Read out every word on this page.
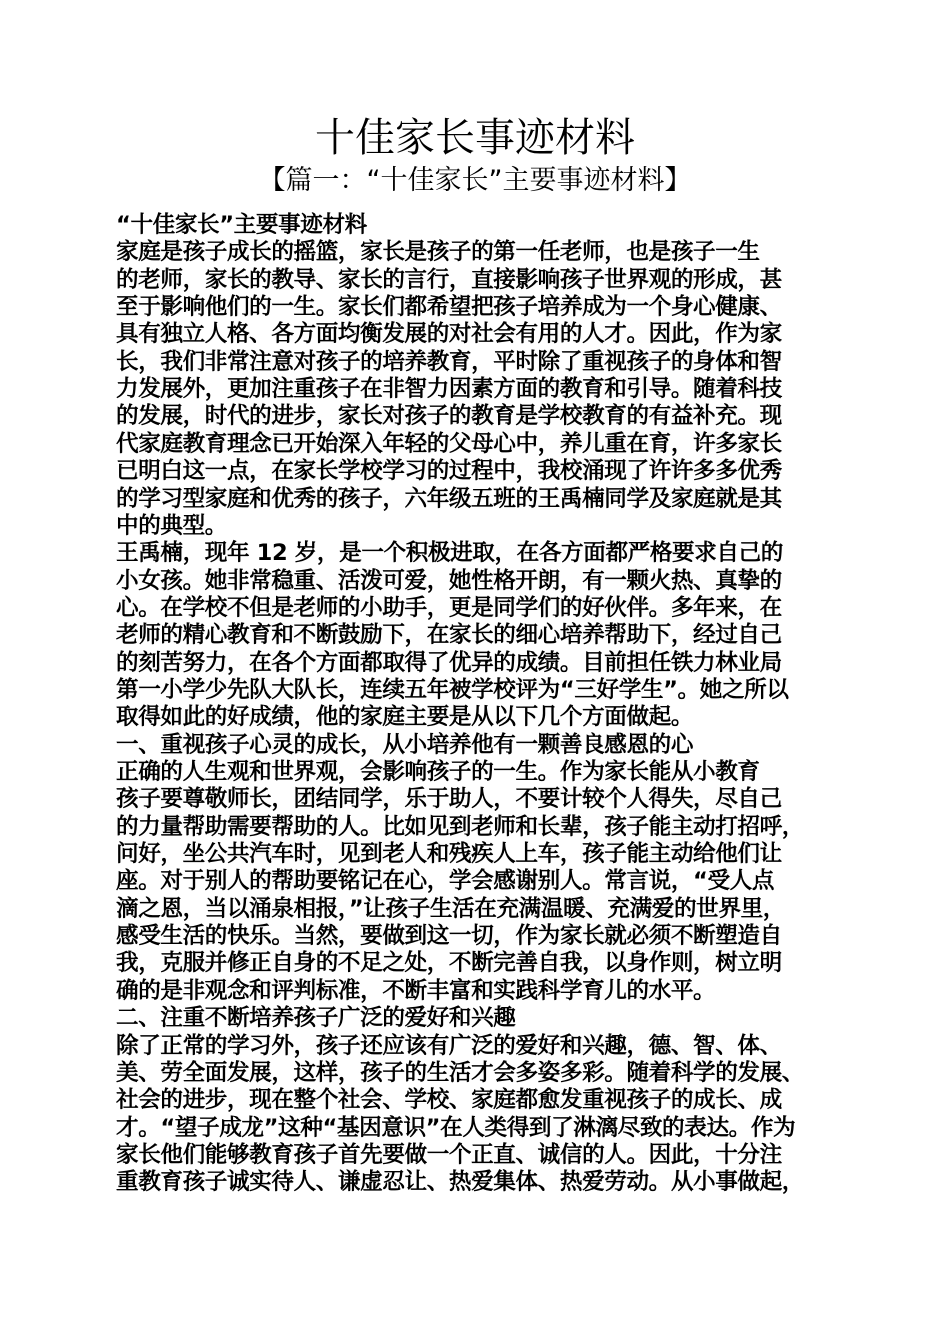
十佳家长事迹材料
【篇一：“十佳家长”主要事迹材料】
“十佳家长”主要事迹材料
家庭是孩子成长的摇篮，家长是孩子的第一任老师，也是孩子一生
的老师，家长的教导、家长的言行，直接影响孩子世界观的形成，甚
至于影响他们的一生。家长们都希望把孩子培养成为一个身心健康、
具有独立人格、各方面均衡发展的对社会有用的人才。因此，作为家
长，我们非常注意对孩子的培养教育，平时除了重视孩子的身体和智
力发展外，更加注重孩子在非智力因素方面的教育和引导。随着科技
的发展，时代的进步，家长对孩子的教育是学校教育的有益补充。现
代家庭教育理念已开始深入年轻的父母心中，养儿重在育，许多家长
已明白这一点，在家长学校学习的过程中，我校涌现了许许多多优秀
的学习型家庭和优秀的孩子，六年级五班的王禹楠同学及家庭就是其
中的典型。
王禹楠，现年 12 岁，是一个积极进取，在各方面都严格要求自己的
小女孩。她非常稳重、活泼可爱，她性格开朗，有一颗火热、真挚的
心。在学校不但是老师的小助手，更是同学们的好伙伴。多年来，在
老师的精心教育和不断鼓励下，在家长的细心培养帮助下，经过自己
的刻苦努力，在各个方面都取得了优异的成绩。目前担任铁力林业局
第一小学少先队大队长，连续五年被学校评为“三好学生”。她之所以
取得如此的好成绩，他的家庭主要是从以下几个方面做起。
一、重视孩子心灵的成长，从小培养他有一颗善良感恩的心
正确的人生观和世界观，会影响孩子的一生。作为家长能从小教育
孩子要尊敬师长，团结同学，乐于助人，不要计较个人得失，尽自己
的力量帮助需要帮助的人。比如见到老师和长辈，孩子能主动打招呼，
问好，坐公共汽车时，见到老人和残疾人上车，孩子能主动给他们让
座。对于别人的帮助要铭记在心，学会感谢别人。常言说，“受人点
滴之恩，当以涌泉相报，”让孩子生活在充满温暖、充满爱的世界里，
感受生活的快乐。当然，要做到这一切，作为家长就必须不断塑造自
我，克服并修正自身的不足之处，不断完善自我，以身作则，树立明
确的是非观念和评判标准，不断丰富和实践科学育儿的水平。
二、注重不断培养孩子广泛的爱好和兴趣
除了正常的学习外，孩子还应该有广泛的爱好和兴趣，德、智、体、
美、劳全面发展，这样，孩子的生活才会多姿多彩。随着科学的发展、
社会的进步，现在整个社会、学校、家庭都愈发重视孩子的成长、成
才。“望子成龙”这种“基因意识”在人类得到了淋漓尽致的表达。作为
家长他们能够教育孩子首先要做一个正直、诚信的人。因此，十分注
重教育孩子诚实待人、谦虚忍让、热爱集体、热爱劳动。从小事做起，
